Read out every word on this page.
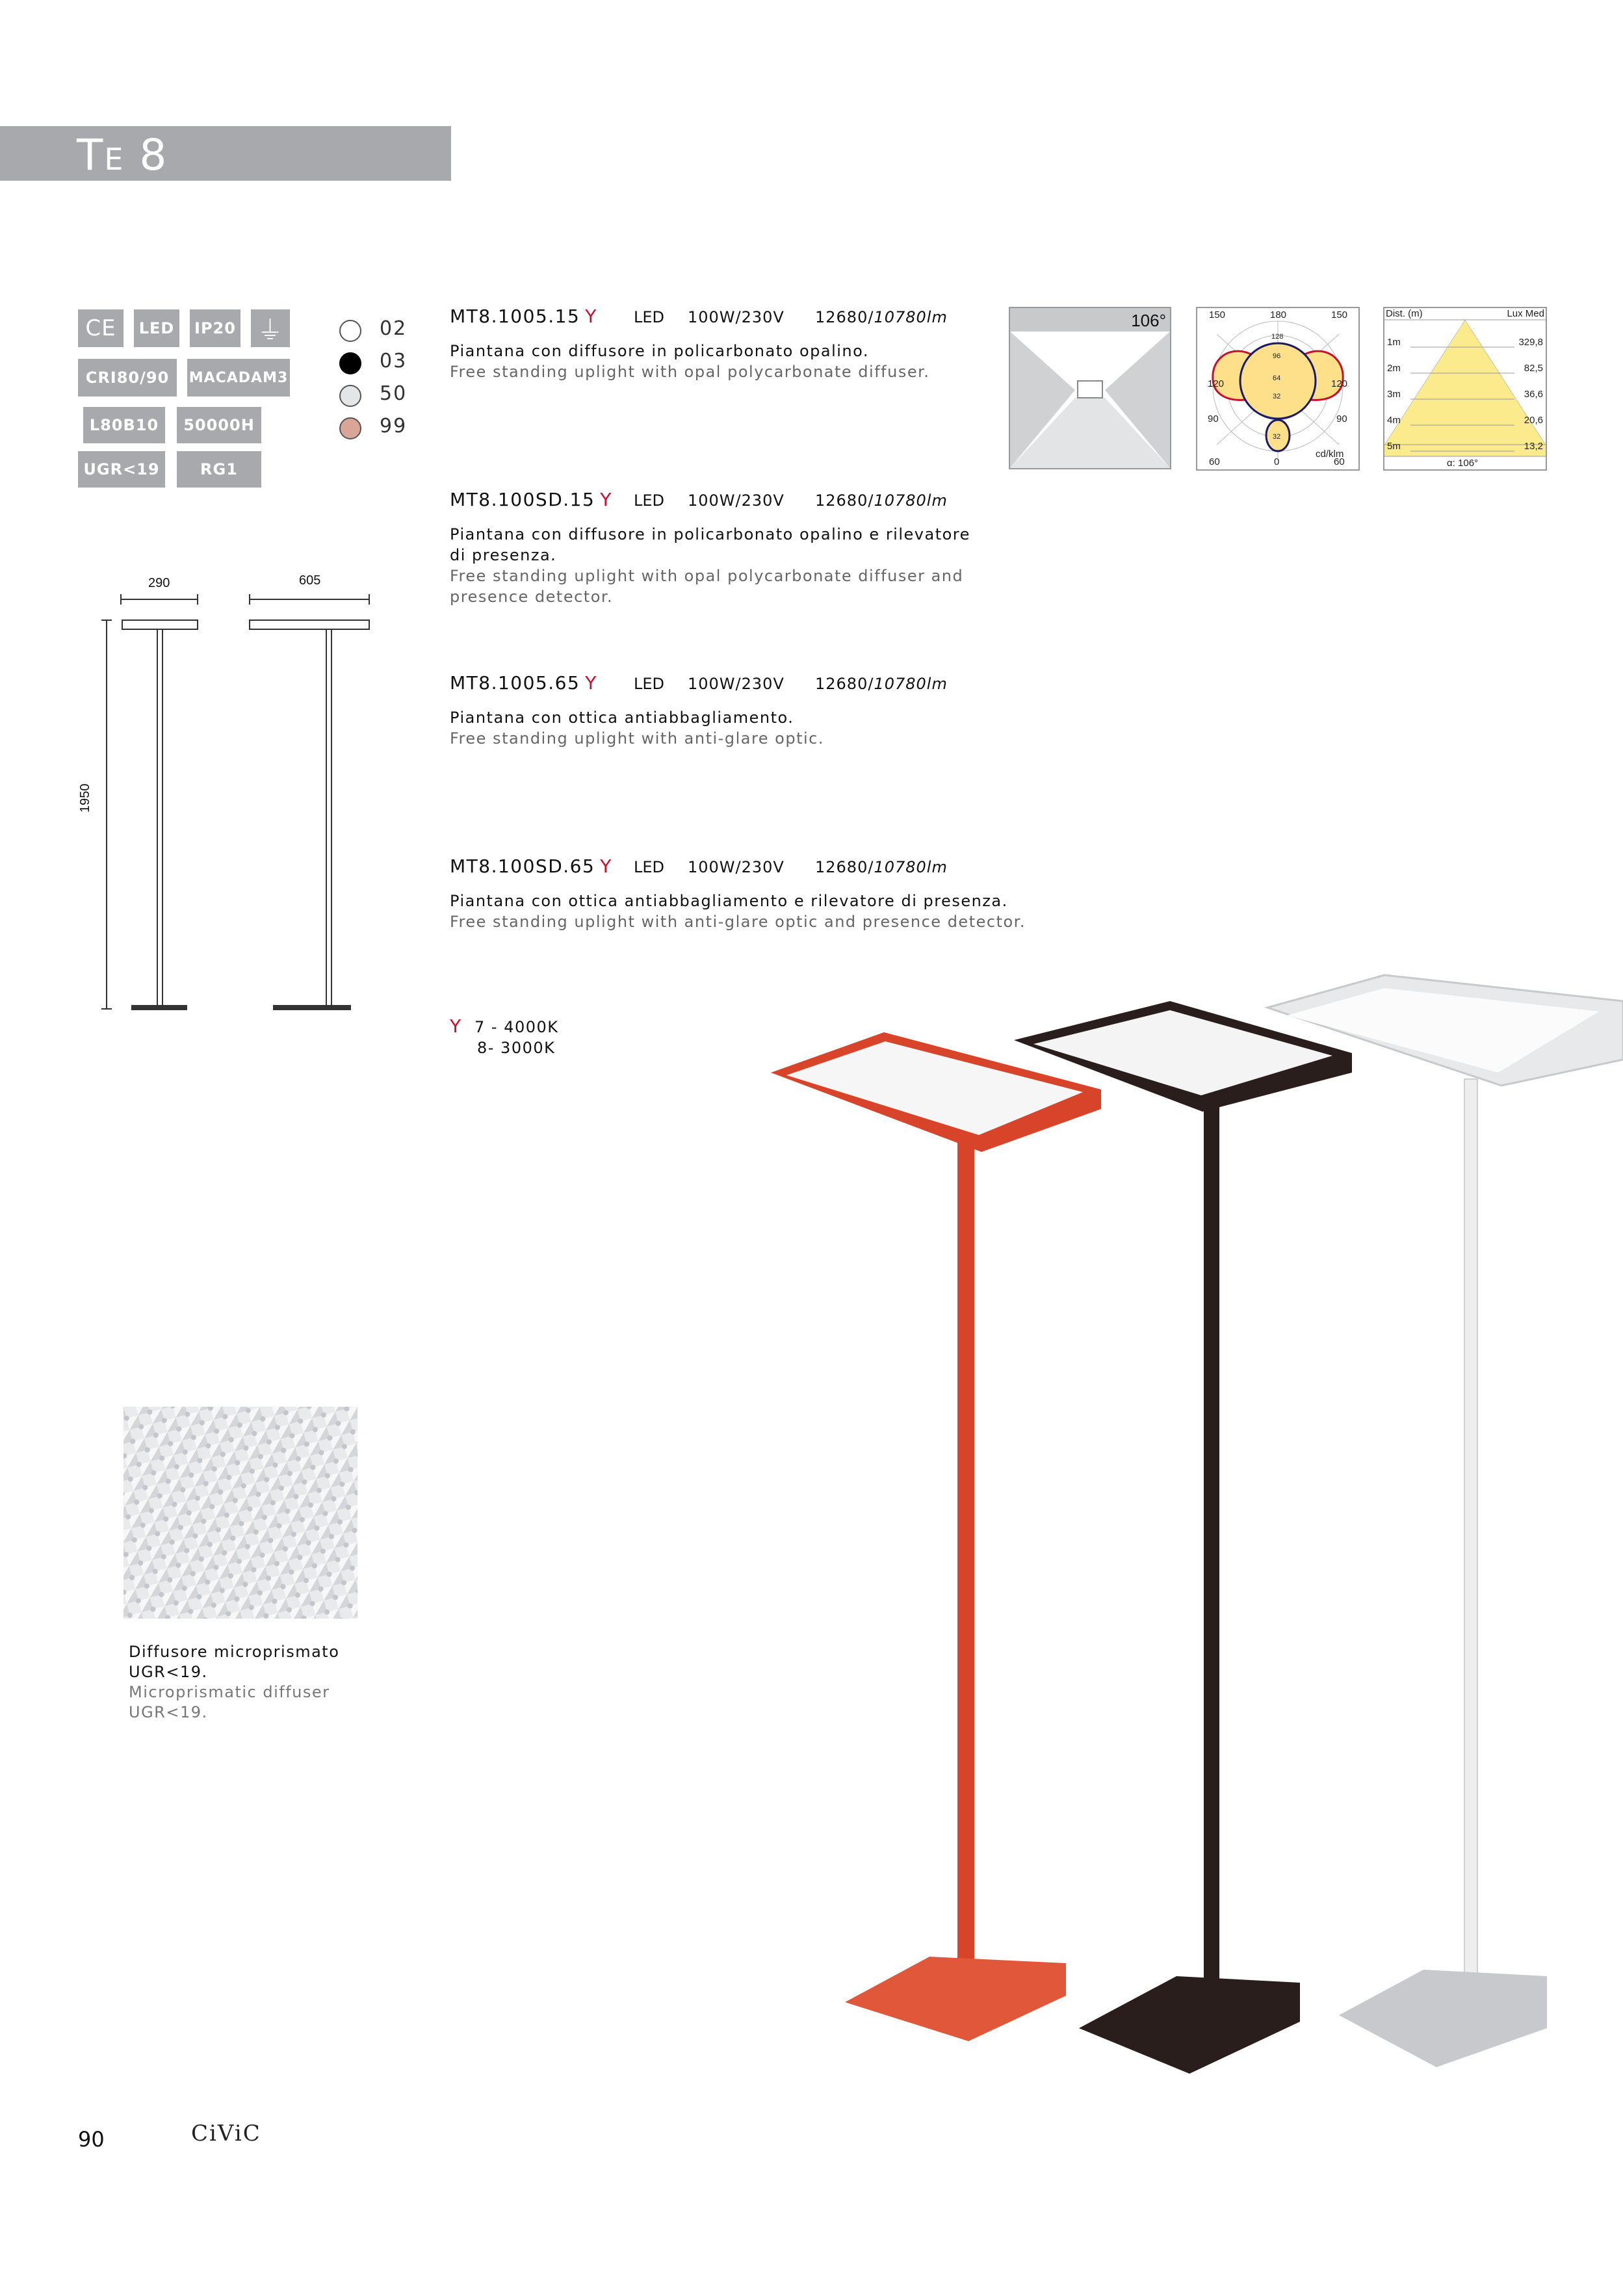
TE 8
CE	LED	IP20 ⏚
CRI80/90	MACADAM3
L80B10	50000H
UGR<19	RG1
02
03
50
99
MT8.1005.15 Y LED 100W/230V 12680/10780lm
Piantana con diffusore in policarbonato opalino.
Free standing uplight with opal polycarbonate diffuser.
MT8.100SD.15 Y LED 100W/230V 12680/10780lm
Piantana con diffusore in policarbonato opalino e rilevatore
di presenza.
Free standing uplight with opal polycarbonate diffuser and
presence detector.
MT8.1005.65 Y LED 100W/230V 12680/10780lm
Piantana con ottica antiabbagliamento.
Free standing uplight with anti-glare optic.
MT8.100SD.65 Y LED 100W/230V 12680/10780lm
Piantana con ottica antiabbagliamento e rilevatore di presenza.
Free standing uplight with anti-glare optic and presence detector.
Y 7 - 4000K
8- 3000K
290	605
1950
106°	150	180	150
120	120
90	90
60	0	60
cd/klm
128
96
64
32
32
Dist. (m)	Lux Med
1m	329,8
2m	82,5
3m	36,6
4m	20,6
5m	13,2
α: 106°
Diffusore microprismato
UGR<19.
Microprismatic diffuser
UGR<19.
90	CiViC
